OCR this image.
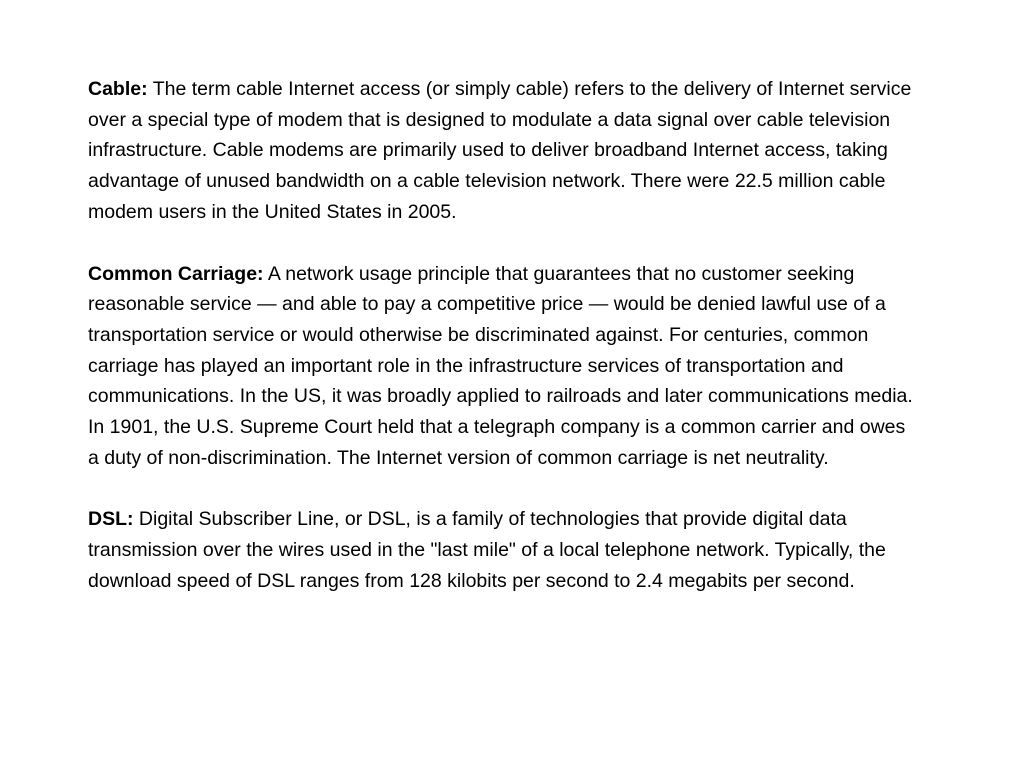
Cable: The term cable Internet access (or simply cable) refers to the delivery of Internet service over a special type of modem that is designed to modulate a data signal over cable television infrastructure. Cable modems are primarily used to deliver broadband Internet access, taking advantage of unused bandwidth on a cable television network. There were 22.5 million cable modem users in the United States in 2005.

Common Carriage: A network usage principle that guarantees that no customer seeking reasonable service — and able to pay a competitive price — would be denied lawful use of a transportation service or would otherwise be discriminated against. For centuries, common carriage has played an important role in the infrastructure services of transportation and communications. In the US, it was broadly applied to railroads and later communications media. In 1901, the U.S. Supreme Court held that a telegraph company is a common carrier and owes a duty of non-discrimination. The Internet version of common carriage is net neutrality.

DSL: Digital Subscriber Line, or DSL, is a family of technologies that provide digital data transmission over the wires used in the "last mile" of a local telephone network. Typically, the download speed of DSL ranges from 128 kilobits per second to 2.4 megabits per second.
